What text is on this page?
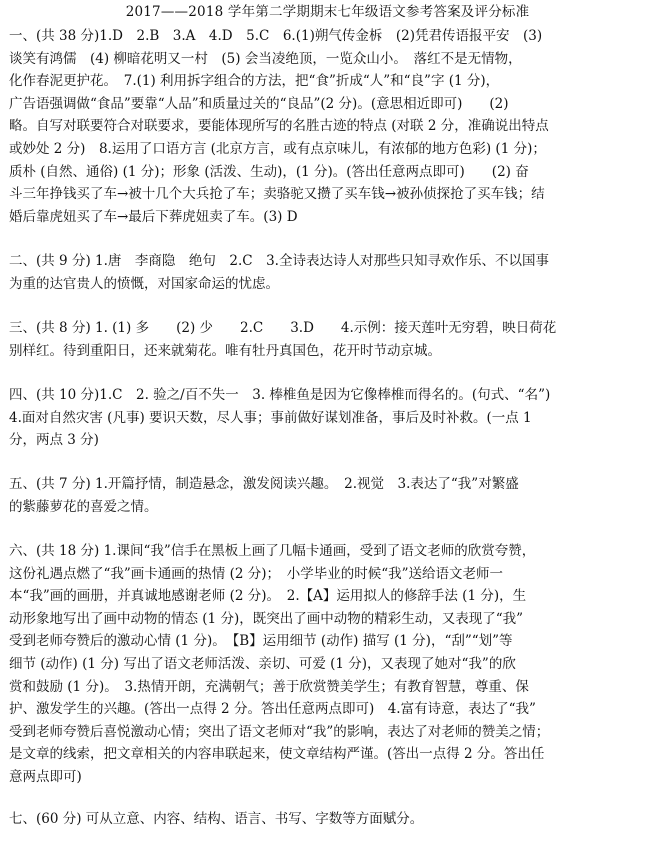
2017——2018 学年第二学期期末七年级语文参考答案及评分标准
一、(共 38 分)1.D　2.B　3.A　4.D　5.C　6.(1)朔气传金柝　(2)凭君传语报平安　(3)
谈笑有鸿儒　(4) 柳暗花明又一村　(5) 会当凌绝顶，一览众山小。　落红不是无情物，
化作春泥更护花。　7.(1) 利用拆字组合的方法，把“食”折成“人”和“良”字 (1 分)，
广告语强调做“食品”要靠“人品”和质量过关的“良品”(2 分)。(意思相近即可)　　(2)
略。自写对联要符合对联要求，要能体现所写的名胜古迹的特点 (对联 2 分，准确说出特点
或妙处 2 分)　8.运用了口语方言 (北京方言，或有点京味儿，有浓郁的地方色彩) (1 分)；
质朴 (自然、通俗) (1 分)；形象 (活泼、生动)，(1 分)。(答出任意两点即可)　　(2) 奋
斗三年挣钱买了车→被十几个大兵抢了车；卖骆驼又攒了买车钱→被孙侦探抢了买车钱；结
婚后靠虎妞买了车→最后下葬虎妞卖了车。(3) D
二、(共 9 分) 1.唐　李商隐　绝句　2.C　3.全诗表达诗人对那些只知寻欢作乐、不以国事
为重的达官贵人的愤慨，对国家命运的忧虑。
三、(共 8 分) 1. (1) 多　　(2) 少　　2.C　　3.D　　4.示例：接天莲叶无穷碧，映日荷花
别样红。待到重阳日，还来就菊花。唯有牡丹真国色，花开时节动京城。
四、(共 10 分)1.C　2. 验之/百不失一　3. 棒椎鱼是因为它像棒椎而得名的。(句式、“名”)
4.面对自然灾害 (凡事) 要识天数，尽人事；事前做好谋划准备，事后及时补救。(一点 1
分，两点 3 分)
五、(共 7 分) 1.开篇抒情，制造悬念，激发阅读兴趣。　2.视觉　3.表达了“我”对繁盛
的紫藤萝花的喜爱之情。
六、(共 18 分) 1.课间“我”信手在黑板上画了几幅卡通画，受到了语文老师的欣赏夸赞，
这份礼遇点燃了“我”画卡通画的热情 (2 分)；　小学毕业的时候“我”送给语文老师一
本“我”画的画册，并真诚地感谢老师 (2 分)。　2.【A】运用拟人的修辞手法 (1 分)，生
动形象地写出了画中动物的情态 (1 分)，既突出了画中动物的精彩生动，又表现了“我”
受到老师夸赞后的激动心情 (1 分)。　【B】运用细节 (动作) 描写 (1 分)，“刮”“划”等
细节 (动作) (1 分) 写出了语文老师活泼、亲切、可爱 (1 分)，又表现了她对“我”的欣
赏和鼓励 (1 分)。　3.热情开朗，充满朝气；善于欣赏赞美学生；有教育智慧，尊重、保
护、激发学生的兴趣。(答出一点得 2 分。答出任意两点即可)　4.富有诗意，表达了“我”
受到老师夸赞后喜悦激动心情；突出了语文老师对“我”的影响，表达了对老师的赞美之情；
是文章的线索，把文章相关的内容串联起来，使文章结构严谨。(答出一点得 2 分。答出任
意两点即可)
七、(60 分) 可从立意、内容、结构、语言、书写、字数等方面赋分。
